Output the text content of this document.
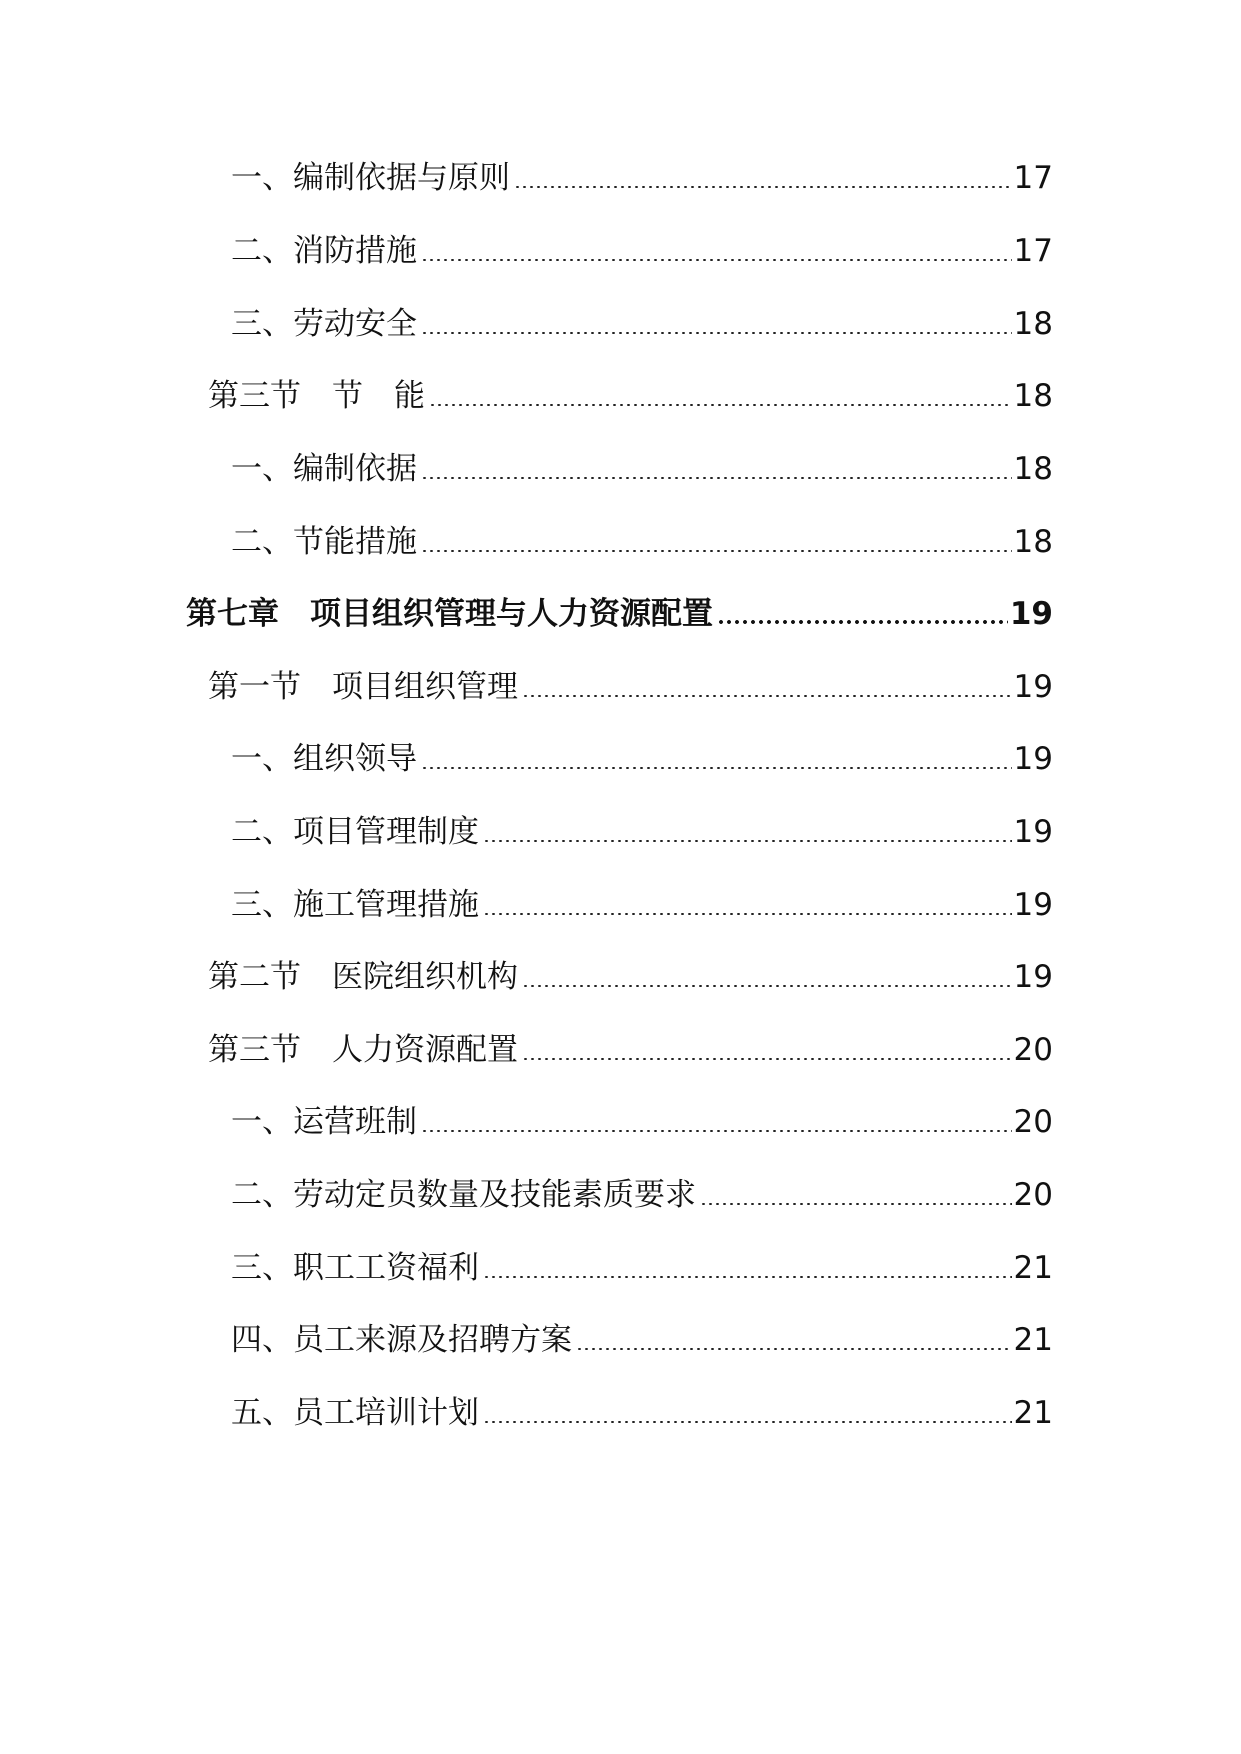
一、编制依据与原则	17
二、消防措施	17
三、劳动安全	18
第三节　节　能	18
一、编制依据	18
二、节能措施	18
第七章　项目组织管理与人力资源配置	19
第一节　项目组织管理	19
一、组织领导	19
二、项目管理制度	19
三、施工管理措施	19
第二节　医院组织机构	19
第三节　人力资源配置	20
一、运营班制	20
二、劳动定员数量及技能素质要求	20
三、职工工资福利	21
四、员工来源及招聘方案	21
五、员工培训计划	21
